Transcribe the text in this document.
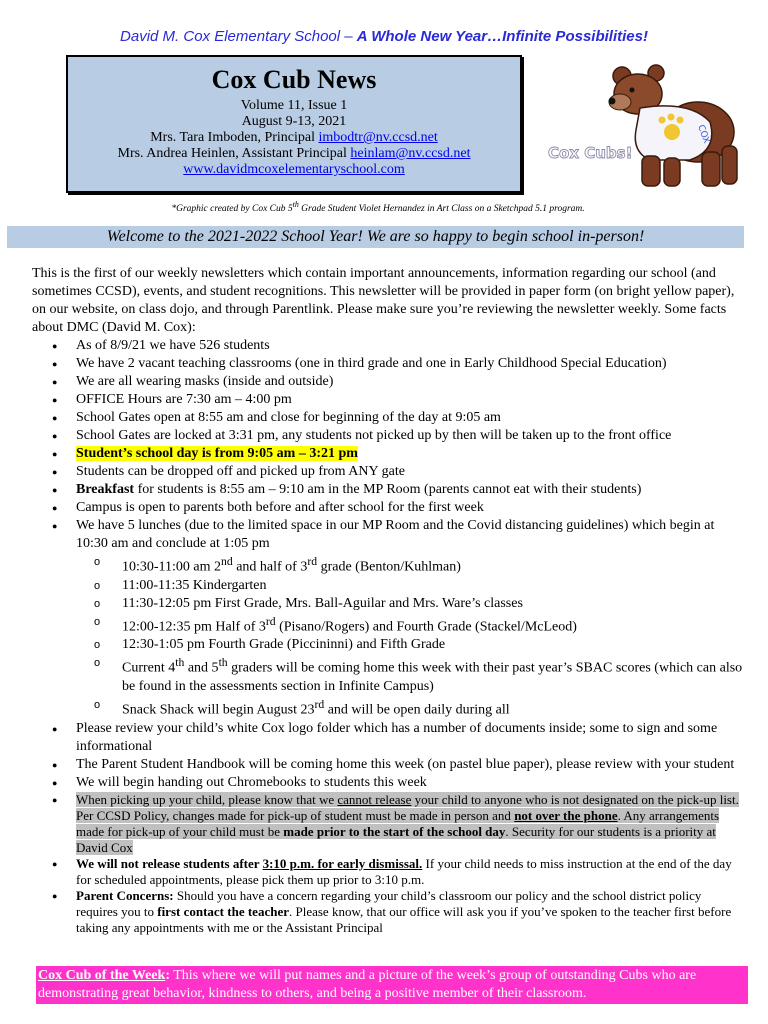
David M. Cox Elementary School – A Whole New Year…Infinite Possibilities!
Cox Cub News
Volume 11, Issue 1
August 9-13, 2021
Mrs. Tara Imboden, Principal imbodtr@nv.ccsd.net
Mrs. Andrea Heinlen, Assistant Principal heinlam@nv.ccsd.net
www.davidmcoxelementaryschool.com
COX
Cox Cubs!
*Graphic created by Cox Cub 5th Grade Student Violet Hernandez in Art Class on a Sketchpad 5.1 program.
Welcome to the 2021-2022 School Year! We are so happy to begin school in-person!

This is the first of our weekly newsletters which contain important announcements, information regarding our school (and sometimes CCSD), events, and student recognitions. This newsletter will be provided in paper form (on bright yellow paper), on our website, on class dojo, and through Parentlink. Please make sure you’re reviewing the newsletter weekly. Some facts about DMC (David M. Cox):

● As of 8/9/21 we have 526 students
● We have 2 vacant teaching classrooms (one in third grade and one in Early Childhood Special Education)
● We are all wearing masks (inside and outside)
● OFFICE Hours are 7:30 am – 4:00 pm
● School Gates open at 8:55 am and close for beginning of the day at 9:05 am
● School Gates are locked at 3:31 pm, any students not picked up by then will be taken up to the front office
● Student’s school day is from 9:05 am – 3:21 pm
● Students can be dropped off and picked up from ANY gate
● Breakfast for students is 8:55 am – 9:10 am in the MP Room (parents cannot eat with their students)
● Campus is open to parents both before and after school for the first week
● We have 5 lunches (due to the limited space in our MP Room and the Covid distancing guidelines) which begin at 10:30 am and conclude at 1:05 pm
o 10:30-11:00 am 2nd and half of 3rd grade (Benton/Kuhlman)
o 11:00-11:35 Kindergarten
o 11:30-12:05 pm First Grade, Mrs. Ball-Aguilar and Mrs. Ware’s classes
o 12:00-12:35 pm Half of 3rd (Pisano/Rogers) and Fourth Grade (Stackel/McLeod)
o 12:30-1:05 pm Fourth Grade (Piccininni) and Fifth Grade
o Current 4th and 5th graders will be coming home this week with their past year’s SBAC scores (which can also be found in the assessments section in Infinite Campus)
o Snack Shack will begin August 23rd and will be open daily during all
● Please review your child’s white Cox logo folder which has a number of documents inside; some to sign and some informational
● The Parent Student Handbook will be coming home this week (on pastel blue paper), please review with your student
● We will begin handing out Chromebooks to students this week
● When picking up your child, please know that we cannot release your child to anyone who is not designated on the pick-up list. Per CCSD Policy, changes made for pick-up of student must be made in person and not over the phone. Any arrangements made for pick-up of your child must be made prior to the start of the school day. Security for our students is a priority at David Cox
● We will not release students after 3:10 p.m. for early dismissal. If your child needs to miss instruction at the end of the day for scheduled appointments, please pick them up prior to 3:10 p.m.
● Parent Concerns: Should you have a concern regarding your child’s classroom our policy and the school district policy requires you to first contact the teacher. Please know, that our office will ask you if you’ve spoken to the teacher first before taking any appointments with me or the Assistant Principal
Cox Cub of the Week: This where we will put names and a picture of the week’s group of outstanding Cubs who are demonstrating great behavior, kindness to others, and being a positive member of their classroom.
